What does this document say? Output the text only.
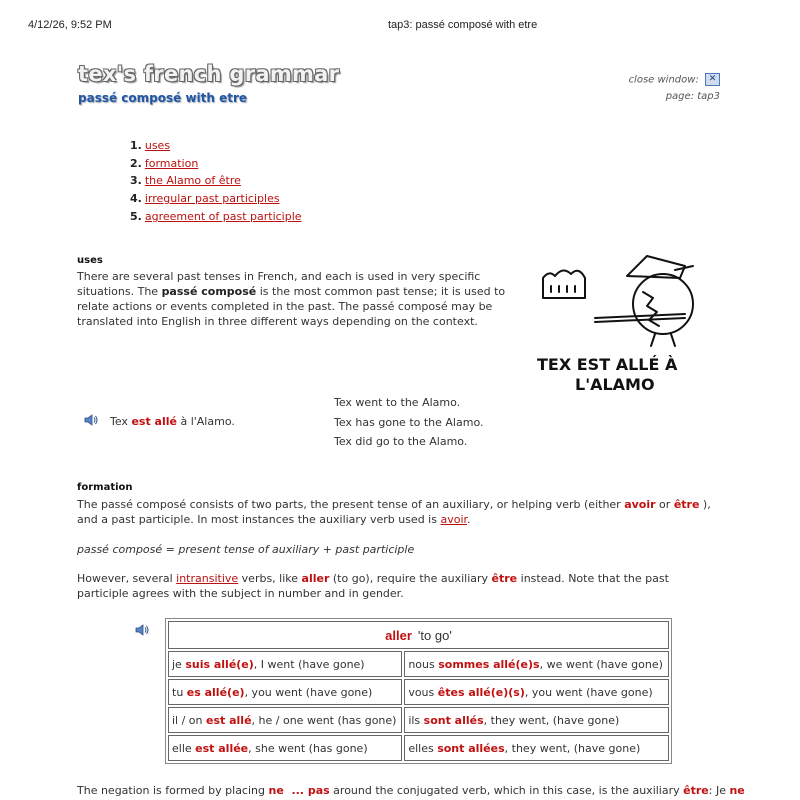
4/12/26, 9:52 PM	tap3: passé composé with etre
tex's french grammar
passé composé with etre
close window: ✕
page: tap3
1. uses
2. formation
3. the Alamo of être
4. irregular past participles
5. agreement of past participle
uses
There are several past tenses in French, and each is used in very specific situations. The passé composé is the most common past tense; it is used to relate actions or events completed in the past. The passé composé may be translated into English in three different ways depending on the context.
TEX EST ALLÉ À
L'ALAMO
Tex est allé à l'Alamo.
Tex went to the Alamo.
Tex has gone to the Alamo.
Tex did go to the Alamo.
formation
The passé composé consists of two parts, the present tense of an auxiliary, or helping verb (either avoir or être ), and a past participle. In most instances the auxiliary verb used is avoir.
passé composé = present tense of auxiliary + past participle
However, several intransitive verbs, like aller (to go), require the auxiliary être instead. Note that the past participle agrees with the subject in number and in gender.
aller 'to go'	
je suis allé(e), I went (have gone)	nous sommes allé(e)s, we went (have gone)
tu es allé(e), you went (have gone)	vous êtes allé(e)(s), you went (have gone)
il / on est allé, he / one went (has gone)	ils sont allés, they went, (have gone)
elle est allée, she went (has gone)	elles sont allées, they went, (have gone)
The negation is formed by placing ne  ... pas around the conjugated verb, which in this case, is the auxiliary être: Je ne
